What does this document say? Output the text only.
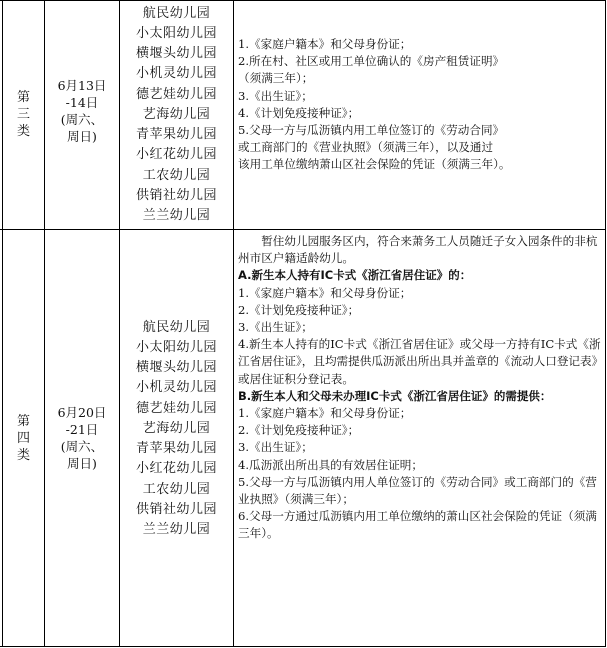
第
三
类
6月13日
-14日
(周六、
周日)
航民幼儿园
小太阳幼儿园
横堰头幼儿园
小机灵幼儿园
德艺娃幼儿园
艺海幼儿园
青苹果幼儿园
小红花幼儿园
工农幼儿园
供销社幼儿园
兰兰幼儿园

1.《家庭户籍本》和父母身份证；

2.所在村、社区或用工单位确认的《房产租赁证明》

（须满三年）；

3.《出生证》；

4.《计划免疫接种证》；

5.父母一方与瓜沥镇内用工单位签订的《劳动合同》

或工商部门的《营业执照》（须满三年），以及通过

该用工单位缴纳萧山区社会保险的凭证（须满三年）。

第
四
类
6月20日
-21日
(周六、
周日)
航民幼儿园
小太阳幼儿园
横堰头幼儿园
小机灵幼儿园
德艺娃幼儿园
艺海幼儿园
青苹果幼儿园
小红花幼儿园
工农幼儿园
供销社幼儿园
兰兰幼儿园

暂住幼儿园服务区内，符合来萧务工人员随迁子女入园条件的非杭州市区户籍适龄幼儿。

A.新生本人持有IC卡式《浙江省居住证》的：

1.《家庭户籍本》和父母身份证；

2.《计划免疫接种证》；

3.《出生证》；

4.新生本人持有的IC卡式《浙江省居住证》或父母一方持有IC卡式《浙江省居住证》，且均需提供瓜沥派出所出具并盖章的《流动人口登记表》或居住证积分登记表。

B.新生本人和父母未办理IC卡式《浙江省居住证》的需提供：

1.《家庭户籍本》和父母身份证；

2.《计划免疫接种证》；

3.《出生证》；

4.瓜沥派出所出具的有效居住证明；

5.父母一方与瓜沥镇内用人单位签订的《劳动合同》或工商部门的《营业执照》（须满三年）；

6.父母一方通过瓜沥镇内用工单位缴纳的萧山区社会保险的凭证（须满三年）。
